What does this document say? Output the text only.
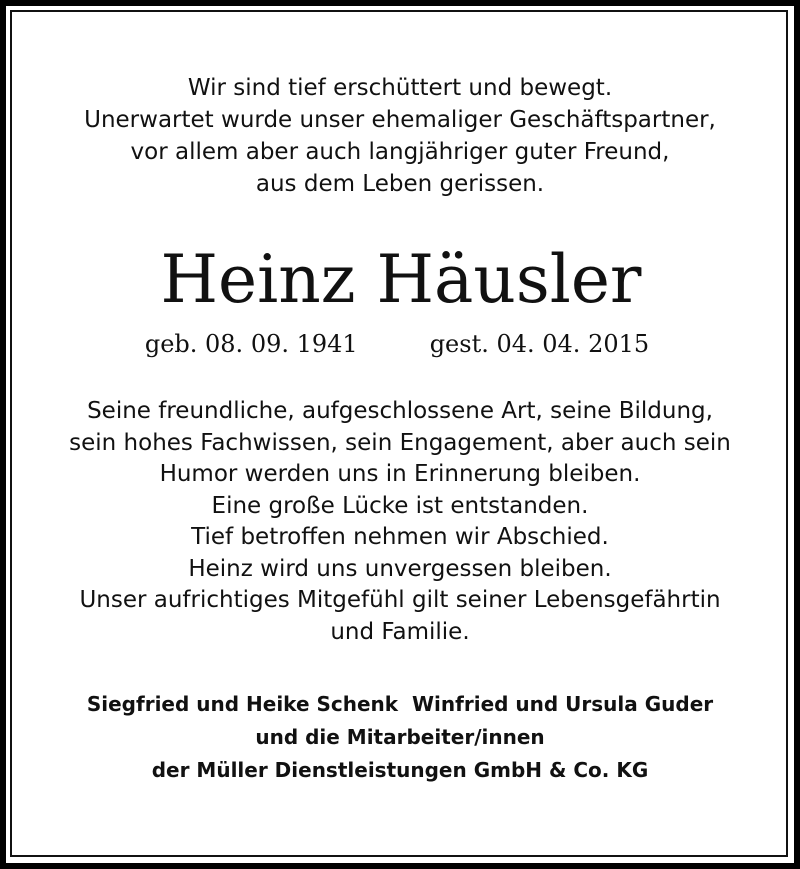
Wir sind tief erschüttert und bewegt.
Unerwartet wurde unser ehemaliger Geschäftspartner,
vor allem aber auch langjähriger guter Freund,
aus dem Leben gerissen.
Heinz Häusler
geb. 08. 09. 1941	gest. 04. 04. 2015
Seine freundliche, aufgeschlossene Art, seine Bildung,
sein hohes Fachwissen, sein Engagement, aber auch sein
Humor werden uns in Erinnerung bleiben.
Eine große Lücke ist entstanden.
Tief betroffen nehmen wir Abschied.
Heinz wird uns unvergessen bleiben.
Unser aufrichtiges Mitgefühl gilt seiner Lebensgefährtin
und Familie.
Siegfried und Heike Schenk  Winfried und Ursula Guder
und die Mitarbeiter/innen
der Müller Dienstleistungen GmbH & Co. KG
